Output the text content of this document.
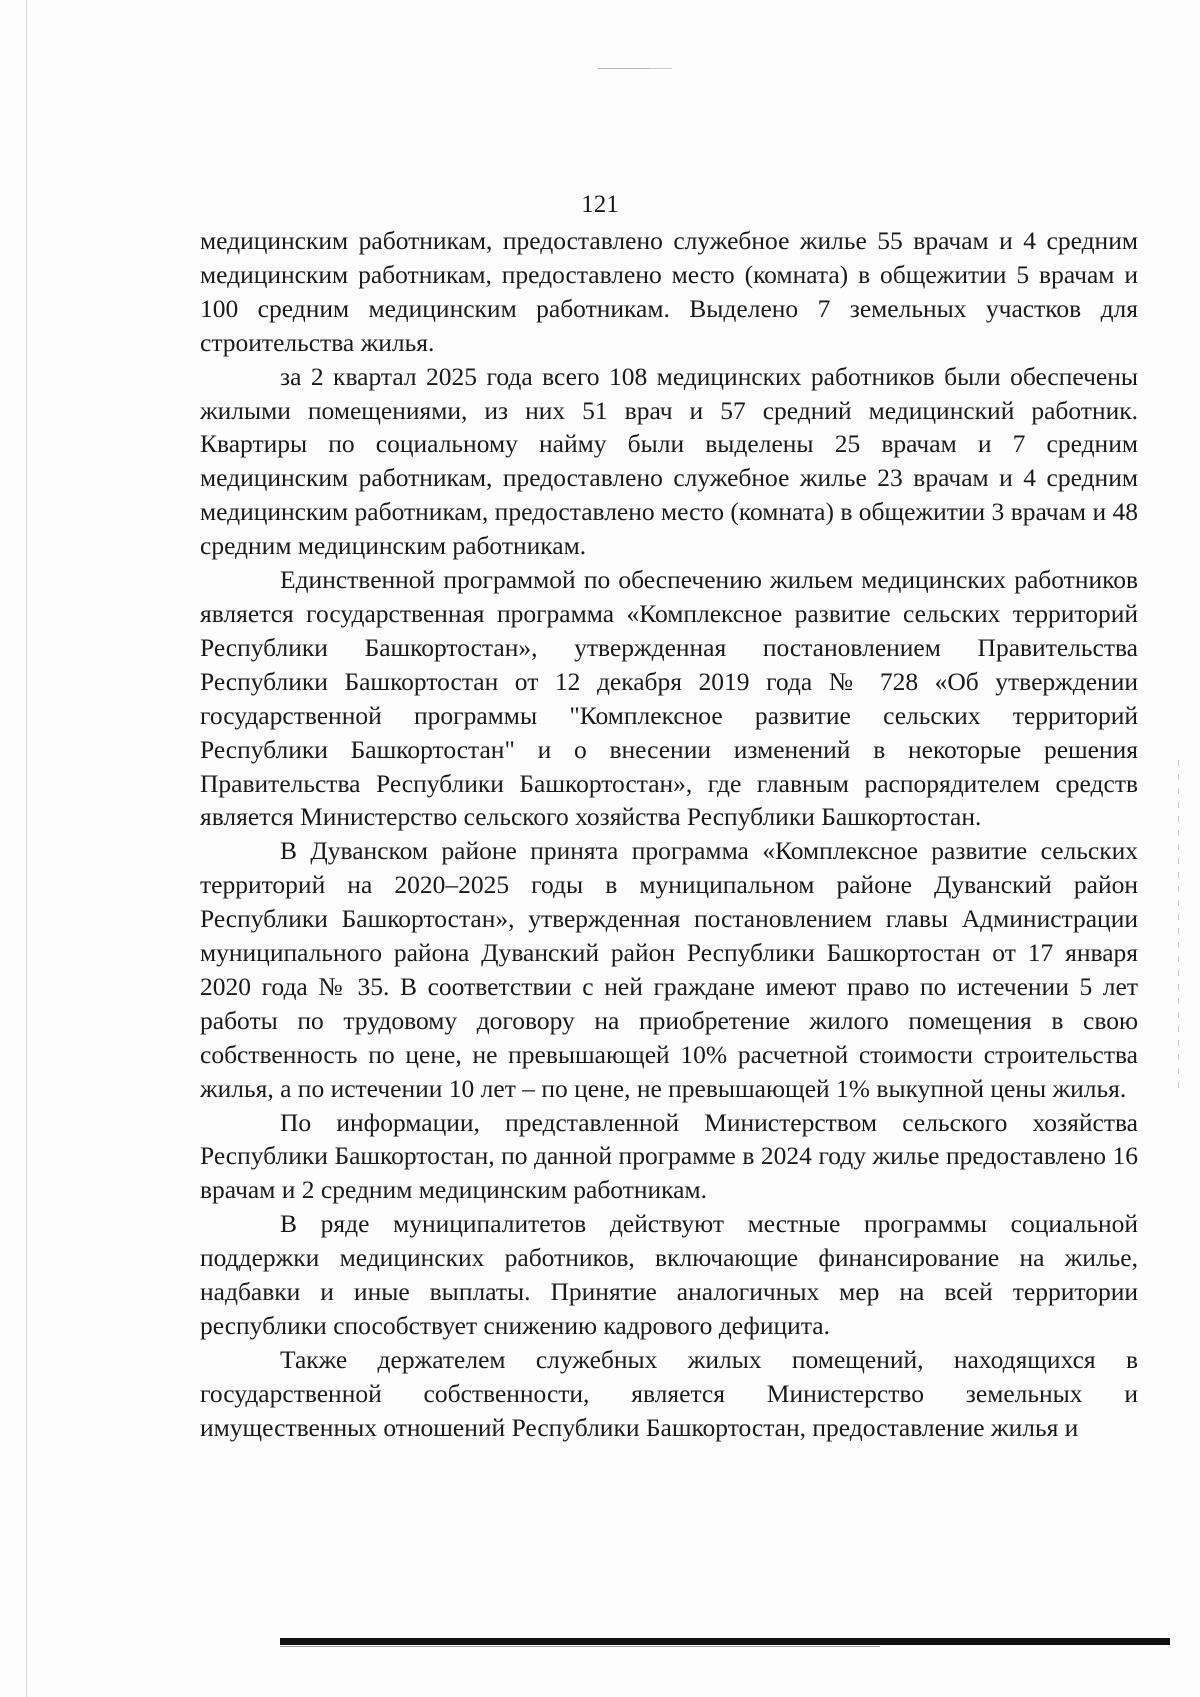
121

медицинским работникам, предоставлено служебное жилье 55 врачам и 4 средним медицинским работникам, предоставлено место (комната) в общежитии 5 врачам и 100 средним медицинским работникам. Выделено 7 земельных участков для строительства жилья.

за 2 квартал 2025 года всего 108 медицинских работников были обеспечены жилыми помещениями, из них 51 врач и 57 средний медицинский работник. Квартиры по социальному найму были выделены 25 врачам и 7 средним медицинским работникам, предоставлено служебное жилье 23 врачам и 4 средним медицинским работникам, предоставлено место (комната) в общежитии 3 врачам и 48 средним медицинским работникам.

Единственной программой по обеспечению жильем медицинских работников является государственная программа «Комплексное развитие сельских территорий Республики Башкортостан», утвержденная постановлением Правительства Республики Башкортостан от 12 декабря 2019 года № 728 «Об утверждении государственной программы "Комплексное развитие сельских территорий Республики Башкортостан" и о внесении изменений в некоторые решения Правительства Республики Башкортостан», где главным распорядителем средств является Министерство сельского хозяйства Республики Башкортостан.

В Дуванском районе принята программа «Комплексное развитие сельских территорий на 2020–2025 годы в муниципальном районе Дуванский район Республики Башкортостан», утвержденная постановлением главы Администрации муниципального района Дуванский район Республики Башкортостан от 17 января 2020 года № 35. В соответствии с ней граждане имеют право по истечении 5 лет работы по трудовому договору на приобретение жилого помещения в свою собственность по цене, не превышающей 10% расчетной стоимости строительства жилья, а по истечении 10 лет – по цене, не превышающей 1% выкупной цены жилья.

По информации, представленной Министерством сельского хозяйства Республики Башкортостан, по данной программе в 2024 году жилье предоставлено 16 врачам и 2 средним медицинским работникам.

В ряде муниципалитетов действуют местные программы социальной поддержки медицинских работников, включающие финансирование на жилье, надбавки и иные выплаты. Принятие аналогичных мер на всей территории республики способствует снижению кадрового дефицита.

Также держателем служебных жилых помещений, находящихся в государственной собственности, является Министерство земельных и имущественных отношений Республики Башкортостан, предоставление жилья и
